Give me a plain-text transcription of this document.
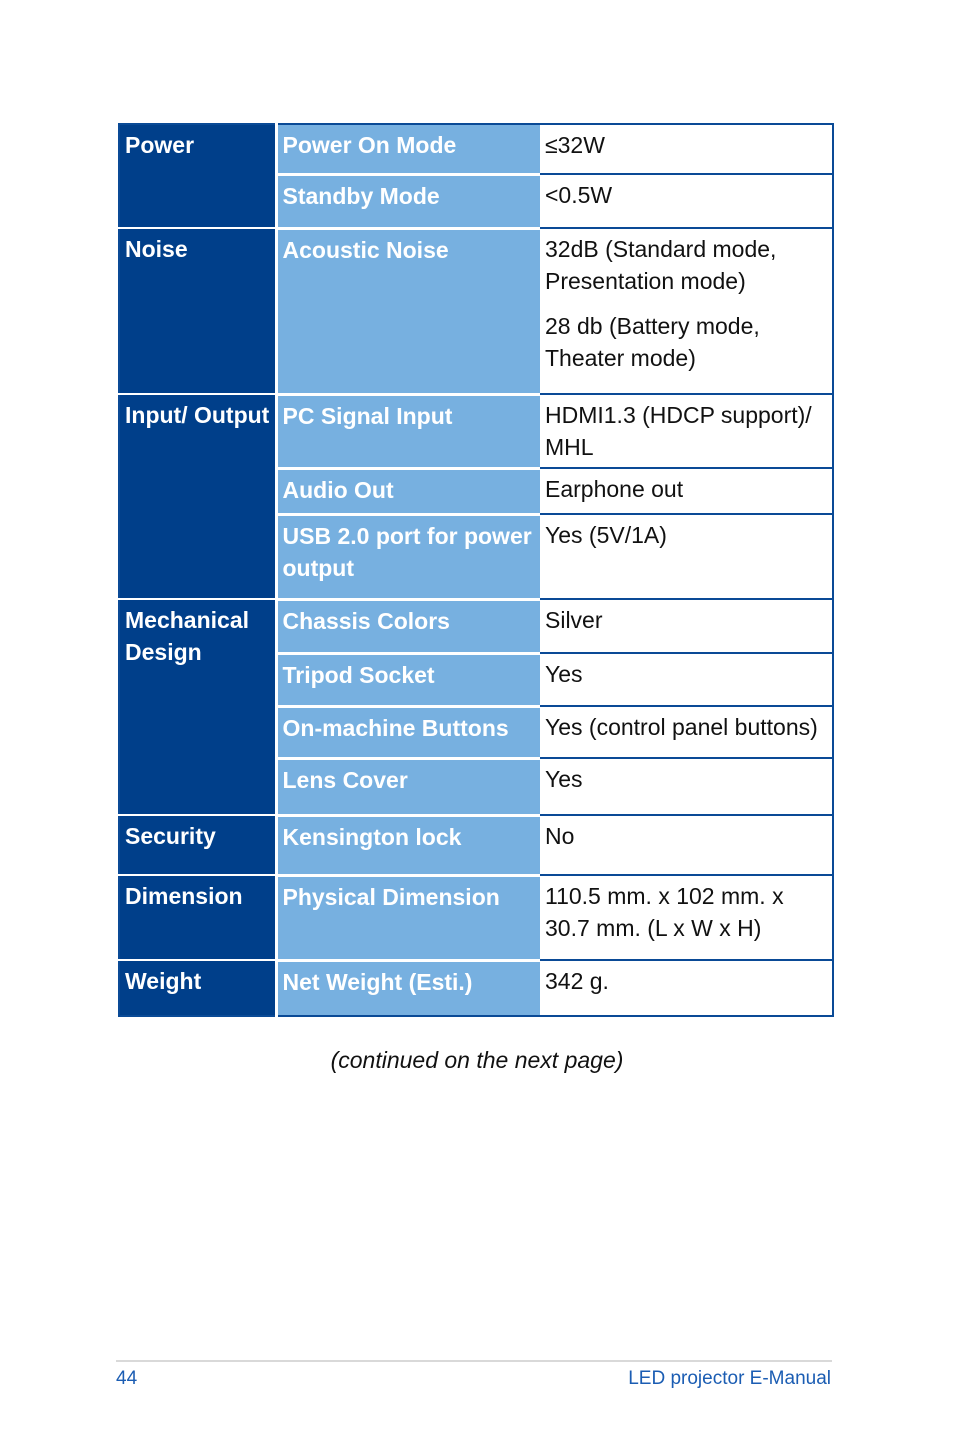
Power	Power On Mode	≤32W

	Standby Mode	<0.5W

Noise	Acoustic Noise	32dB (Standard mode, Presentation mode)

28 db (Battery mode, Theater mode)

Input/ Output	PC Signal Input	HDMI1.3 (HDCP support)/ MHL

	Audio Out	Earphone out

	USB 2.0 port for power output	Yes (5V/1A)

Mechanical Design	Chassis Colors	Silver

	Tripod Socket	Yes

	On-machine Buttons	Yes (control panel buttons)

	Lens Cover	Yes

Security	Kensington lock	No

Dimension	Physical Dimension	110.5 mm. x 102 mm. x 30.7 mm. (L x W x H)

Weight	Net Weight (Esti.)	342 g.

(continued on the next page)
44	LED projector E-Manual
